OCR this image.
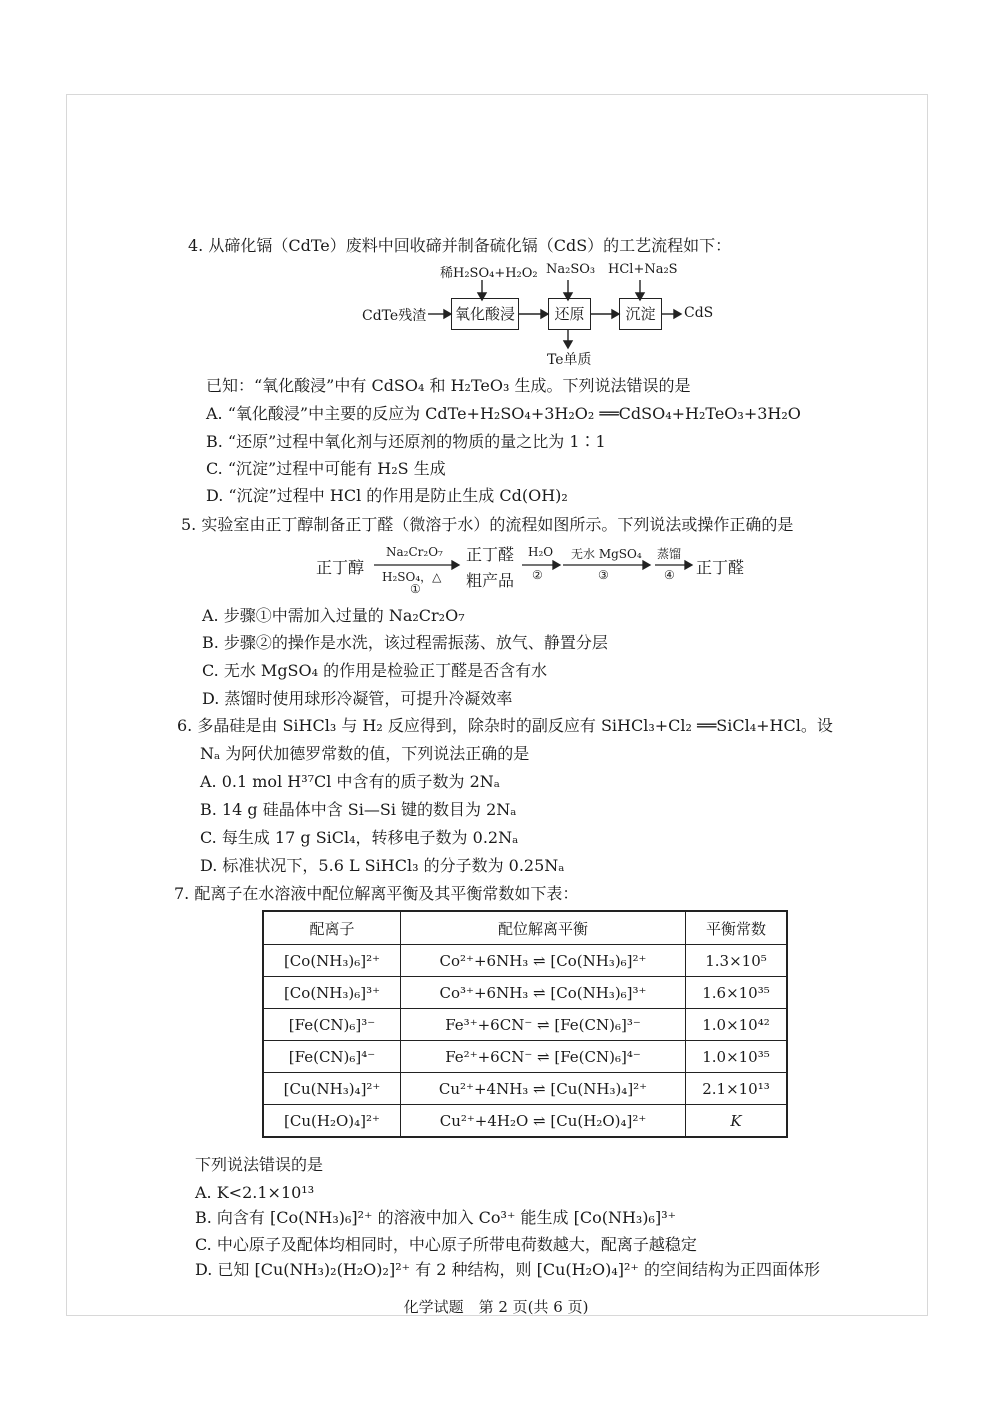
4. 从碲化镉（CdTe）废料中回收碲并制备硫化镉（CdS）的工艺流程如下：
稀H₂SO₄+H₂O₂ Na₂SO₃ HCl+Na₂S
CdTe残渣 氧化酸浸	还原	沉淀	CdS
Te单质
已知：“氧化酸浸”中有 CdSO₄ 和 H₂TeO₃ 生成。下列说法错误的是
A. “氧化酸浸”中主要的反应为 CdTe+H₂SO₄+3H₂O₂ ══CdSO₄+H₂TeO₃+3H₂O
B. “还原”过程中氧化剂与还原剂的物质的量之比为 1∶1
C. “沉淀”过程中可能有 H₂S 生成
D. “沉淀”过程中 HCl 的作用是防止生成 Cd(OH)₂
5. 实验室由正丁醇制备正丁醛（微溶于水）的流程如图所示。下列说法或操作正确的是
正丁醇
Na₂Cr₂O₇
H₂SO₄，△
①
正丁醛
粗产品
H₂O
②
无水 MgSO₄
③
蒸馏
④ 正丁醛
A. 步骤①中需加入过量的 Na₂Cr₂O₇
B. 步骤②的操作是水洗，该过程需振荡、放气、静置分层
C. 无水 MgSO₄ 的作用是检验正丁醛是否含有水
D. 蒸馏时使用球形冷凝管，可提升冷凝效率
6. 多晶硅是由 SiHCl₃ 与 H₂ 反应得到，除杂时的副反应有 SiHCl₃+Cl₂ ══SiCl₄+HCl。设
Nₐ 为阿伏加德罗常数的值，下列说法正确的是
A. 0.1 mol H³⁷Cl 中含有的质子数为 2Nₐ
B. 14 g 硅晶体中含 Si—Si 键的数目为 2Nₐ
C. 每生成 17 g SiCl₄，转移电子数为 0.2Nₐ
D. 标准状况下，5.6 L SiHCl₃ 的分子数为 0.25Nₐ
7. 配离子在水溶液中配位解离平衡及其平衡常数如下表：
配离子	配位解离平衡	平衡常数
[Co(NH₃)₆]²⁺	Co²⁺+6NH₃ ⇌ [Co(NH₃)₆]²⁺	1.3×10⁵
[Co(NH₃)₆]³⁺	Co³⁺+6NH₃ ⇌ [Co(NH₃)₆]³⁺	1.6×10³⁵
[Fe(CN)₆]³⁻	Fe³⁺+6CN⁻ ⇌ [Fe(CN)₆]³⁻	1.0×10⁴²
[Fe(CN)₆]⁴⁻	Fe²⁺+6CN⁻ ⇌ [Fe(CN)₆]⁴⁻	1.0×10³⁵
[Cu(NH₃)₄]²⁺	Cu²⁺+4NH₃ ⇌ [Cu(NH₃)₄]²⁺	2.1×10¹³
[Cu(H₂O)₄]²⁺	Cu²⁺+4H₂O ⇌ [Cu(H₂O)₄]²⁺	K
下列说法错误的是
A. K<2.1×10¹³
B. 向含有 [Co(NH₃)₆]²⁺ 的溶液中加入 Co³⁺ 能生成 [Co(NH₃)₆]³⁺
C. 中心原子及配体均相同时，中心原子所带电荷数越大，配离子越稳定
D. 已知 [Cu(NH₃)₂(H₂O)₂]²⁺ 有 2 种结构，则 [Cu(H₂O)₄]²⁺ 的空间结构为正四面体形
化学试题　第 2 页(共 6 页)
